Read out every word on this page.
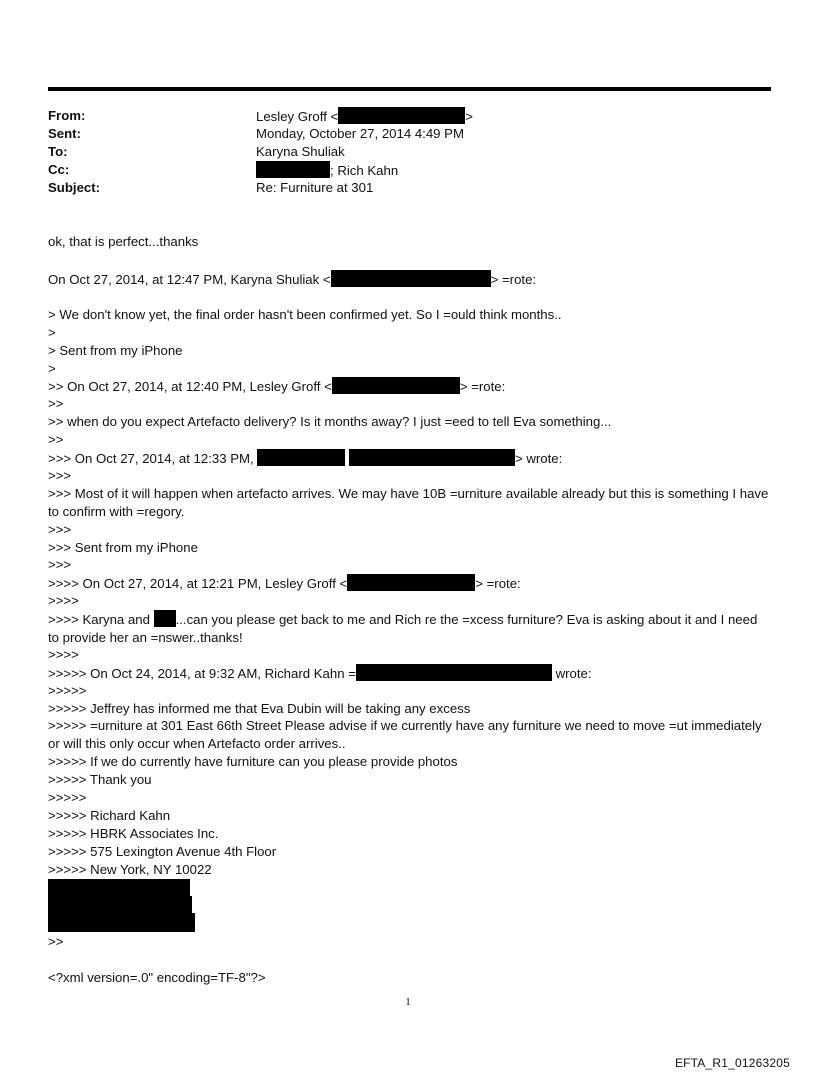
From:	Lesley Groff <	>
Sent:	Monday, October 27, 2014 4:49 PM
To:	Karyna Shuliak
Cc:	; Rich Kahn
Subject:	Re: Furniture at 301
ok, that is perfect...thanks
On Oct 27, 2014, at 12:47 PM, Karyna Shuliak <	> =rote:
> We don't know yet, the final order hasn't been confirmed yet. So I =ould think months..
>
> Sent from my iPhone
>
>> On Oct 27, 2014, at 12:40 PM, Lesley Groff <	> =rote:
>>
>> when do you expect Artefacto delivery? Is it months away? I just =eed to tell Eva something...
>>
>>> On Oct 27, 2014, at 12:33 PM,	> wrote:
>>>
>>> Most of it will happen when artefacto arrives. We may have 10B =urniture available already but this is something I have to confirm with =regory.
>>>
>>> Sent from my iPhone
>>>
>>>> On Oct 27, 2014, at 12:21 PM, Lesley Groff <	> =rote:
>>>>
>>>> Karyna and ...can you please get back to me and Rich re the =xcess furniture? Eva is asking about it and I need to provide her an =nswer..thanks!
>>>>
>>>>> On Oct 24, 2014, at 9:32 AM, Richard Kahn =	wrote:
>>>>>
>>>>> Jeffrey has informed me that Eva Dubin will be taking any excess
>>>>> =urniture at 301 East 66th Street Please advise if we currently have any furniture we need to move =ut immediately or will this only occur when Artefacto order arrives..
>>>>> If we do currently have furniture can you please provide photos
>>>>> Thank you
>>>>>
>>>>> Richard Kahn
>>>>> HBRK Associates Inc.
>>>>> 575 Lexington Avenue 4th Floor
>>>>> New York, NY 10022
>>
<?xml version=.0" encoding=TF-8"?>
1
EFTA_R1_01263205
